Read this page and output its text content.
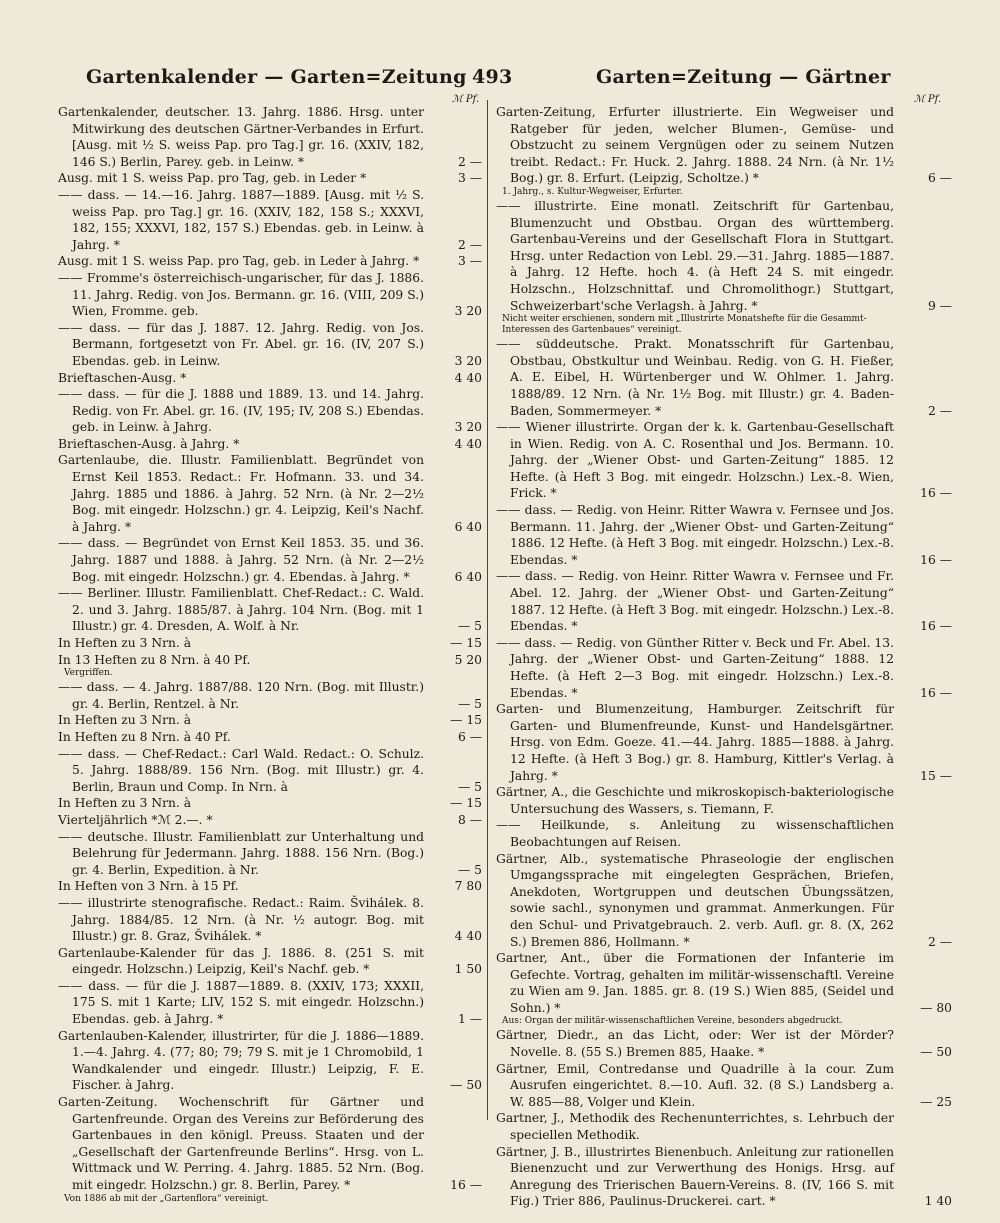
Gartenkalender — Garten=Zeitung 493	Garten=Zeitung — Gärtner
ℳ Pf.	ℳ Pf.
Gartenkalender, deutscher. 13. Jahrg. 1886. Hrsg. unter Mitwirkung des deutschen Gärtner-Verbandes in Erfurt. [Ausg. mit ½ S. weiss Pap. pro Tag.] gr. 16. (XXIV, 182, 146 S.) Berlin, Parey. geb. in Leinw. *	2 —
Ausg. mit 1 S. weiss Pap. pro Tag, geb. in Leder *	3 —
—— dass. — 14.—16. Jahrg. 1887—1889. [Ausg. mit ½ S. weiss Pap. pro Tag.] gr. 16. (XXIV, 182, 158 S.; XXXVI, 182, 155; XXXVI, 182, 157 S.) Ebendas. geb. in Leinw. à Jahrg. *	2 —
Ausg. mit 1 S. weiss Pap. pro Tag, geb. in Leder à Jahrg. *	3 —
—— Fromme's österreichisch-ungarischer, für das J. 1886. 11. Jahrg. Redig. von Jos. Bermann. gr. 16. (VIII, 209 S.) Wien, Fromme. geb.	3 20
—— dass. — für das J. 1887. 12. Jahrg. Redig. von Jos. Bermann, fortgesetzt von Fr. Abel. gr. 16. (IV, 207 S.) Ebendas. geb. in Leinw.	3 20
Brieftaschen-Ausg. *	4 40
—— dass. — für die J. 1888 und 1889. 13. und 14. Jahrg. Redig. von Fr. Abel. gr. 16. (IV, 195; IV, 208 S.) Ebendas. geb. in Leinw. à Jahrg.	3 20
Brieftaschen-Ausg. à Jahrg. *	4 40
Gartenlaube, die. Illustr. Familienblatt. Begründet von Ernst Keil 1853. Redact.: Fr. Hofmann. 33. und 34. Jahrg. 1885 und 1886. à Jahrg. 52 Nrn. (à Nr. 2—2½ Bog. mit eingedr. Holzschn.) gr. 4. Leipzig, Keil's Nachf. à Jahrg. *	6 40
—— dass. — Begründet von Ernst Keil 1853. 35. und 36. Jahrg. 1887 und 1888. à Jahrg. 52 Nrn. (à Nr. 2—2½ Bog. mit eingedr. Holzschn.) gr. 4. Ebendas. à Jahrg. *	6 40
—— Berliner. Illustr. Familienblatt. Chef-Redact.: C. Wald. 2. und 3. Jahrg. 1885/87. à Jahrg. 104 Nrn. (Bog. mit 1 Illustr.) gr. 4. Dresden, A. Wolf. à Nr.	— 5
In Heften zu 3 Nrn. à	— 15
In 13 Heften zu 8 Nrn. à 40 Pf.	5 20
Vergriffen.
—— dass. — 4. Jahrg. 1887/88. 120 Nrn. (Bog. mit Illustr.) gr. 4. Berlin, Rentzel. à Nr.	— 5
In Heften zu 3 Nrn. à	— 15
In Heften zu 8 Nrn. à 40 Pf.	6 —
—— dass. — Chef-Redact.: Carl Wald. Redact.: O. Schulz. 5. Jahrg. 1888/89. 156 Nrn. (Bog. mit Illustr.) gr. 4. Berlin, Braun und Comp. In Nrn. à	— 5
In Heften zu 3 Nrn. à	— 15
Vierteljährlich *ℳ 2.—. *	8 —
—— deutsche. Illustr. Familienblatt zur Unterhaltung und Belehrung für Jedermann. Jahrg. 1888. 156 Nrn. (Bog.) gr. 4. Berlin, Expedition. à Nr.	— 5
In Heften von 3 Nrn. à 15 Pf.	7 80
—— illustrirte stenografische. Redact.: Raim. Švihálek. 8. Jahrg. 1884/85. 12 Nrn. (à Nr. ½ autogr. Bog. mit Illustr.) gr. 8. Graz, Švihálek. *	4 40
Gartenlaube-Kalender für das J. 1886. 8. (251 S. mit eingedr. Holzschn.) Leipzig, Keil's Nachf. geb. *	1 50
—— dass. — für die J. 1887—1889. 8. (XXIV, 173; XXXII, 175 S. mit 1 Karte; LIV, 152 S. mit eingedr. Holzschn.) Ebendas. geb. à Jahrg. *	1 —
Gartenlauben-Kalender, illustrirter, für die J. 1886—1889. 1.—4. Jahrg. 4. (77; 80; 79; 79 S. mit je 1 Chromobild, 1 Wandkalender und eingedr. Illustr.) Leipzig, F. E. Fischer. à Jahrg.	— 50
Garten-Zeitung. Wochenschrift für Gärtner und Gartenfreunde. Organ des Vereins zur Beförderung des Gartenbaues in den königl. Preuss. Staaten und der „Gesellschaft der Gartenfreunde Berlins“. Hrsg. von L. Wittmack und W. Perring. 4. Jahrg. 1885. 52 Nrn. (Bog. mit eingedr. Holzschn.) gr. 8. Berlin, Parey. *	16 —
Von 1886 ab mit der „Gartenflora“ vereinigt.
Garten-Zeitung, Erfurter illustrierte. Ein Wegweiser und Ratgeber für jeden, welcher Blumen-, Gemüse- und Obstzucht zu seinem Vergnügen oder zu seinem Nutzen treibt. Redact.: Fr. Huck. 2. Jahrg. 1888. 24 Nrn. (à Nr. 1½ Bog.) gr. 8. Erfurt. (Leipzig, Scholtze.) *	6 —
1. Jahrg., s. Kultur-Wegweiser, Erfurter.
—— illustrirte. Eine monatl. Zeitschrift für Gartenbau, Blumenzucht und Obstbau. Organ des württemberg. Gartenbau-Vereins und der Gesellschaft Flora in Stuttgart. Hrsg. unter Redaction von Lebl. 29.—31. Jahrg. 1885—1887. à Jahrg. 12 Hefte. hoch 4. (à Heft 24 S. mit eingedr. Holzschn., Holzschnittaf. und Chromolithogr.) Stuttgart, Schweizerbart'sche Verlagsh. à Jahrg. *	9 —
Nicht weiter erschienen, sondern mit „Illustrirte Monatshefte für die Gesammt-Interessen des Gartenbaues“ vereinigt.
—— süddeutsche. Prakt. Monatsschrift für Gartenbau, Obstbau, Obstkultur und Weinbau. Redig. von G. H. Fießer, A. E. Eibel, H. Würtenberger und W. Ohlmer. 1. Jahrg. 1888/89. 12 Nrn. (à Nr. 1½ Bog. mit Illustr.) gr. 4. Baden-Baden, Sommermeyer. *	2 —
—— Wiener illustrirte. Organ der k. k. Gartenbau-Gesellschaft in Wien. Redig. von A. C. Rosenthal und Jos. Bermann. 10. Jahrg. der „Wiener Obst- und Garten-Zeitung“ 1885. 12 Hefte. (à Heft 3 Bog. mit eingedr. Holzschn.) Lex.-8. Wien, Frick. *	16 —
—— dass. — Redig. von Heinr. Ritter Wawra v. Fernsee und Jos. Bermann. 11. Jahrg. der „Wiener Obst- und Garten-Zeitung“ 1886. 12 Hefte. (à Heft 3 Bog. mit eingedr. Holzschn.) Lex.-8. Ebendas. *	16 —
—— dass. — Redig. von Heinr. Ritter Wawra v. Fernsee und Fr. Abel. 12. Jahrg. der „Wiener Obst- und Garten-Zeitung“ 1887. 12 Hefte. (à Heft 3 Bog. mit eingedr. Holzschn.) Lex.-8. Ebendas. *	16 —
—— dass. — Redig. von Günther Ritter v. Beck und Fr. Abel. 13. Jahrg. der „Wiener Obst- und Garten-Zeitung“ 1888. 12 Hefte. (à Heft 2—3 Bog. mit eingedr. Holzschn.) Lex.-8. Ebendas. *	16 —
Garten- und Blumenzeitung, Hamburger. Zeitschrift für Garten- und Blumenfreunde, Kunst- und Handelsgärtner. Hrsg. von Edm. Goeze. 41.—44. Jahrg. 1885—1888. à Jahrg. 12 Hefte. (à Heft 3 Bog.) gr. 8. Hamburg, Kittler's Verlag. à Jahrg. *	15 —
Gärtner, A., die Geschichte und mikroskopisch-bakteriologische Untersuchung des Wassers, s. Tiemann, F.
—— Heilkunde, s. Anleitung zu wissenschaftlichen Beobachtungen auf Reisen.
Gärtner, Alb., systematische Phraseologie der englischen Umgangssprache mit eingelegten Gesprächen, Briefen, Anekdoten, Wortgruppen und deutschen Übungssätzen, sowie sachl., synonymen und grammat. Anmerkungen. Für den Schul- und Privatgebrauch. 2. verb. Aufl. gr. 8. (X, 262 S.) Bremen 886, Hollmann. *	2 —
Gartner, Ant., über die Formationen der Infanterie im Gefechte. Vortrag, gehalten im militär-wissenschaftl. Vereine zu Wien am 9. Jan. 1885. gr. 8. (19 S.) Wien 885, (Seidel und Sohn.) *	— 80
Aus: Organ der militär-wissenschaftlichen Vereine, besonders abgedruckt.
Gärtner, Diedr., an das Licht, oder: Wer ist der Mörder? Novelle. 8. (55 S.) Bremen 885, Haake. *	— 50
Gärtner, Emil, Contredanse und Quadrille à la cour. Zum Ausrufen eingerichtet. 8.—10. Aufl. 32. (8 S.) Landsberg a. W. 885—88, Volger und Klein.	— 25
Gartner, J., Methodik des Rechenunterrichtes, s. Lehrbuch der speciellen Methodik.
Gärtner, J. B., illustrirtes Bienenbuch. Anleitung zur rationellen Bienenzucht und zur Verwerthung des Honigs. Hrsg. auf Anregung des Trierischen Bauern-Vereins. 8. (IV, 166 S. mit Fig.) Trier 886, Paulinus-Druckerei. cart. *	1 40
